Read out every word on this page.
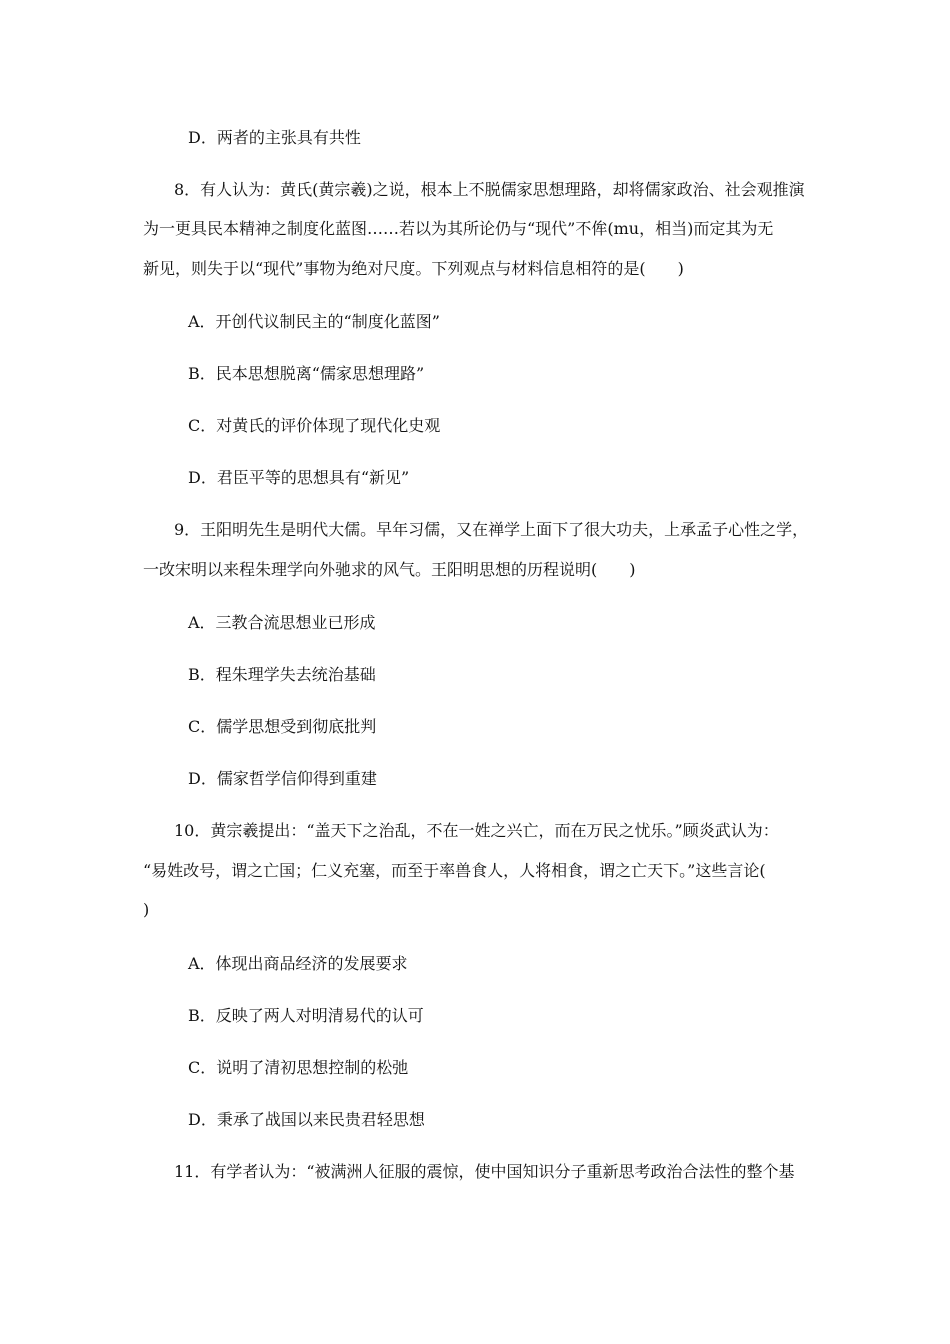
D．两者的主张具有共性
8．有人认为：黄氏(黄宗羲)之说，根本上不脱儒家思想理路，却将儒家政治、社会观推演
为一更具民本精神之制度化蓝图……若以为其所论仍与“现代”不侔(mu，相当)而定其为无
新见，则失于以“现代”事物为绝对尺度。下列观点与材料信息相符的是(　　)
A．开创代议制民主的“制度化蓝图”
B．民本思想脱离“儒家思想理路”
C．对黄氏的评价体现了现代化史观
D．君臣平等的思想具有“新见”
9．王阳明先生是明代大儒。早年习儒，又在禅学上面下了很大功夫，上承孟子心性之学，
一改宋明以来程朱理学向外驰求的风气。王阳明思想的历程说明(　　)
A．三教合流思想业已形成
B．程朱理学失去统治基础
C．儒学思想受到彻底批判
D．儒家哲学信仰得到重建
10．黄宗羲提出：“盖天下之治乱，不在一姓之兴亡，而在万民之忧乐。”顾炎武认为：
“易姓改号，谓之亡国；仁义充塞，而至于率兽食人，人将相食，谓之亡天下。”这些言论(
)
A．体现出商品经济的发展要求
B．反映了两人对明清易代的认可
C．说明了清初思想控制的松弛
D．秉承了战国以来民贵君轻思想
11．有学者认为：“被满洲人征服的震惊，使中国知识分子重新思考政治合法性的整个基
